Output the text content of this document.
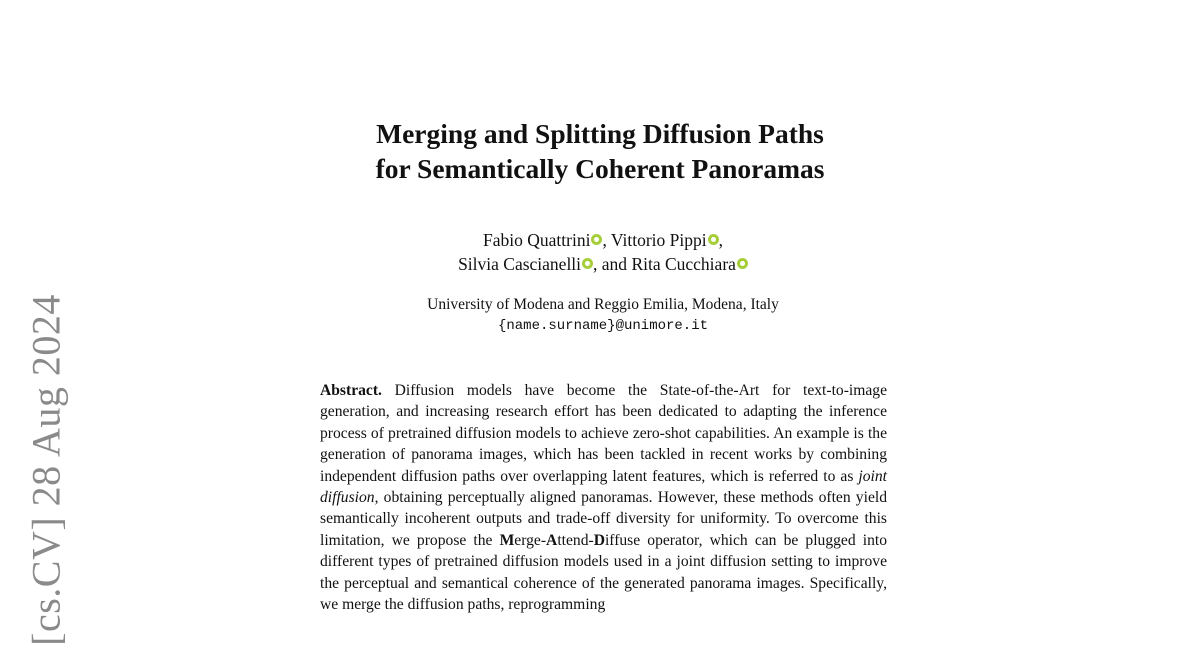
[cs.CV] 28 Aug 2024
Merging and Splitting Diffusion Paths
for Semantically Coherent Panoramas
Fabio Quattrini , Vittorio Pippi ,
Silvia Cascianelli , and Rita Cucchiara
University of Modena and Reggio Emilia, Modena, Italy
{name.surname}@unimore.it
Abstract. Diffusion models have become the State-of-the-Art for text-to-image generation, and increasing research effort has been dedicated to adapting the inference process of pretrained diffusion models to achieve zero-shot capabilities. An example is the generation of panorama images, which has been tackled in recent works by combining independent diffusion paths over overlapping latent features, which is referred to as joint diffusion, obtaining perceptually aligned panoramas. However, these methods often yield semantically incoherent outputs and trade-off diversity for uniformity. To overcome this limitation, we propose the Merge-Attend-Diffuse operator, which can be plugged into different types of pretrained diffusion models used in a joint diffusion setting to improve the perceptual and semantical coherence of the generated panorama images. Specifically, we merge the diffusion paths, reprogramming
